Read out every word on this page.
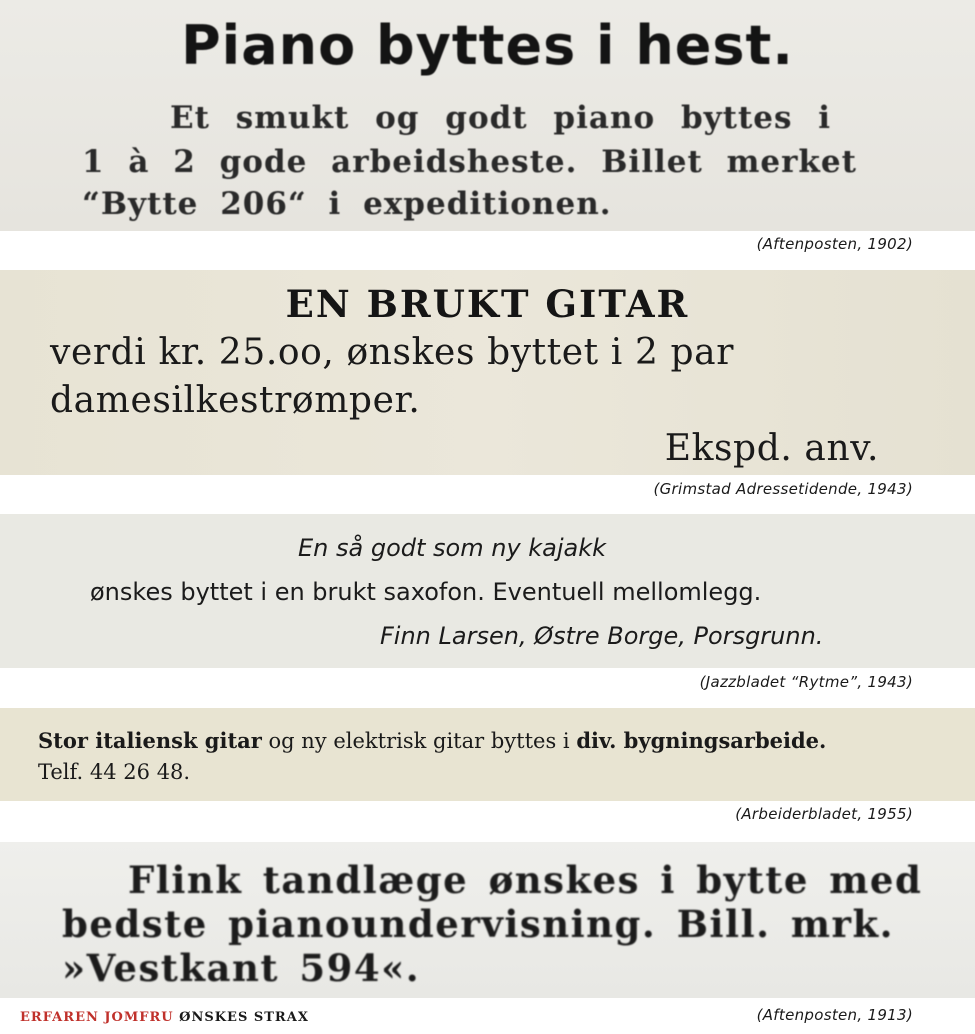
Piano byttes i hest.
Et smukt og godt piano byttes i
1 à 2 gode arbeidsheste. Billet merket
“Bytte 206“ i expeditionen.
(Aftenposten, 1902)
EN BRUKT GITAR
verdi kr. 25.oo, ønskes byttet i 2 par
damesilkestrømper.
Ekspd. anv.
(Grimstad Adressetidende, 1943)
En så godt som ny kajakk
ønskes byttet i en brukt saxofon. Eventuell mellomlegg.
Finn Larsen, Østre Borge, Porsgrunn.
(Jazzbladet “Rytme”, 1943)
Stor italiensk gitar og ny elektrisk gitar byttes i div. bygningsarbeide.
Telf. 44 26 48.
(Arbeiderbladet, 1955)
Flink tandlæge ønskes i bytte med
bedste pianoundervisning. Bill. mrk.
»Vestkant 594«.
ERFAREN JOMFRU ØNSKES STRAX	(Aftenposten, 1913)
